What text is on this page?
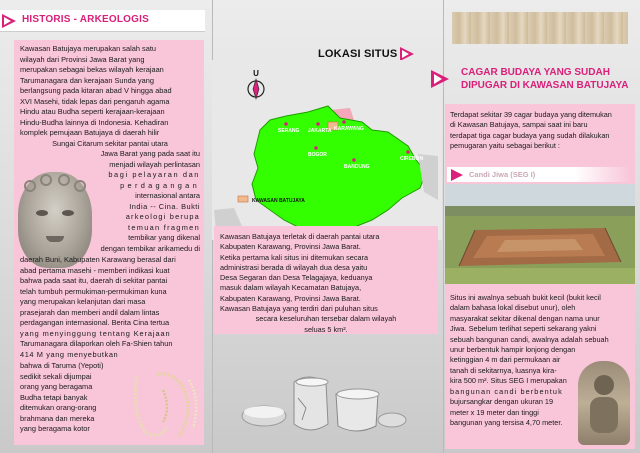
HISTORIS - ARKEOLOGIS
Kawasan Batujaya merupakan salah satu
wilayah dari Provinsi Jawa Barat yang
merupakan sebagai bekas wilayah kerajaan
Tarumanagara dan kerajaan Sunda yang
berlangsung pada kitaran abad V hingga abad
XVI Masehi, tidak lepas dari pengaruh agama
Hindu atau Budha seperti kerajaan-kerajaan
Hindu-Budha lainnya di Indonesia. Kehadiran
komplek pemujaan Batujaya di daerah hilir
Sungai Citarum sekitar pantai utara
Jawa Barat yang pada saat itu
menjadi wilayah perlintasan
bagi pelayaran dan
perdagangan
internasional antara
India -- Cina. Bukti
arkeologi berupa
temuan fragmen
tembikar yang dikenal
dengan tembikar arikamedu di
daerah Buni, Kabupaten Karawang berasal dari
abad pertama masehi - memberi indikasi kuat
bahwa pada saat itu, daerah di sekitar pantai
telah tumbuh permukiman-permukiman kuna
yang merupakan kelanjutan dari masa
prasejarah dan memberi andil dalam lintas
perdagangan internasional. Berita Cina tertua
yang menyinggung tentang Kerajaan
Tarumanagara dilaporkan oleh Fa-Shien tahun
414 M yang menyebutkan
bahwa di Taruma (Yepoti)
sedikit sekali dijumpai
orang yang beragama
Budha tetapi banyak
ditemukan orang-orang
brahmana dan mereka
yang beragama kotor
LOKASI SITUS
U
SERANG JAKARTA KARAWANG
BOGOR
BANDUNG
CIREBON
KAWASAN BATUJAYA
Kawasan Batujaya terletak di daerah pantai utara
Kabupaten Karawang, Provinsi Jawa Barat.
Ketika pertama kali situs ini ditemukan secara
administrasi berada di wilayah dua desa yaitu
Desa Segaran dan Desa Telagajaya, keduanya
masuk dalam wilayah Kecamatan Batujaya,
Kabupaten Karawang, Provinsi Jawa Barat.
Kawasan Batujaya yang terdiri dari puluhan situs
secara keseluruhan tersebar dalam wilayah
seluas 5 km².
CAGAR BUDAYA YANG SUDAH
DIPUGAR DI KAWASAN BATUJAYA
Terdapat sekitar 39 cagar budaya yang ditemukan
di Kawasan Batujaya, sampai saat ini baru
terdapat tiga cagar budaya yang sudah dilakukan
pemugaran yaitu sebagai berikut :
Candi Jiwa (SEG I)
Situs ini awalnya sebuah bukit kecil (bukit kecil
dalam bahasa lokal disebut unur), oleh
masyarakat sekitar dikenal dengan nama unur
Jiwa. Sebelum terlihat seperti sekarang yakni
sebuah bangunan candi, awalnya adalah sebuah
unur berbentuk hampir lonjong dengan
ketinggian 4 m dari permukaan air
tanah di sekitarnya, luasnya kira-
kira 500 m². Situs SEG I merupakan
bangunan candi berbentuk
bujursangkar dengan ukuran 19
meter x 19 meter dan tinggi
bangunan yang tersisa 4,70 meter.
